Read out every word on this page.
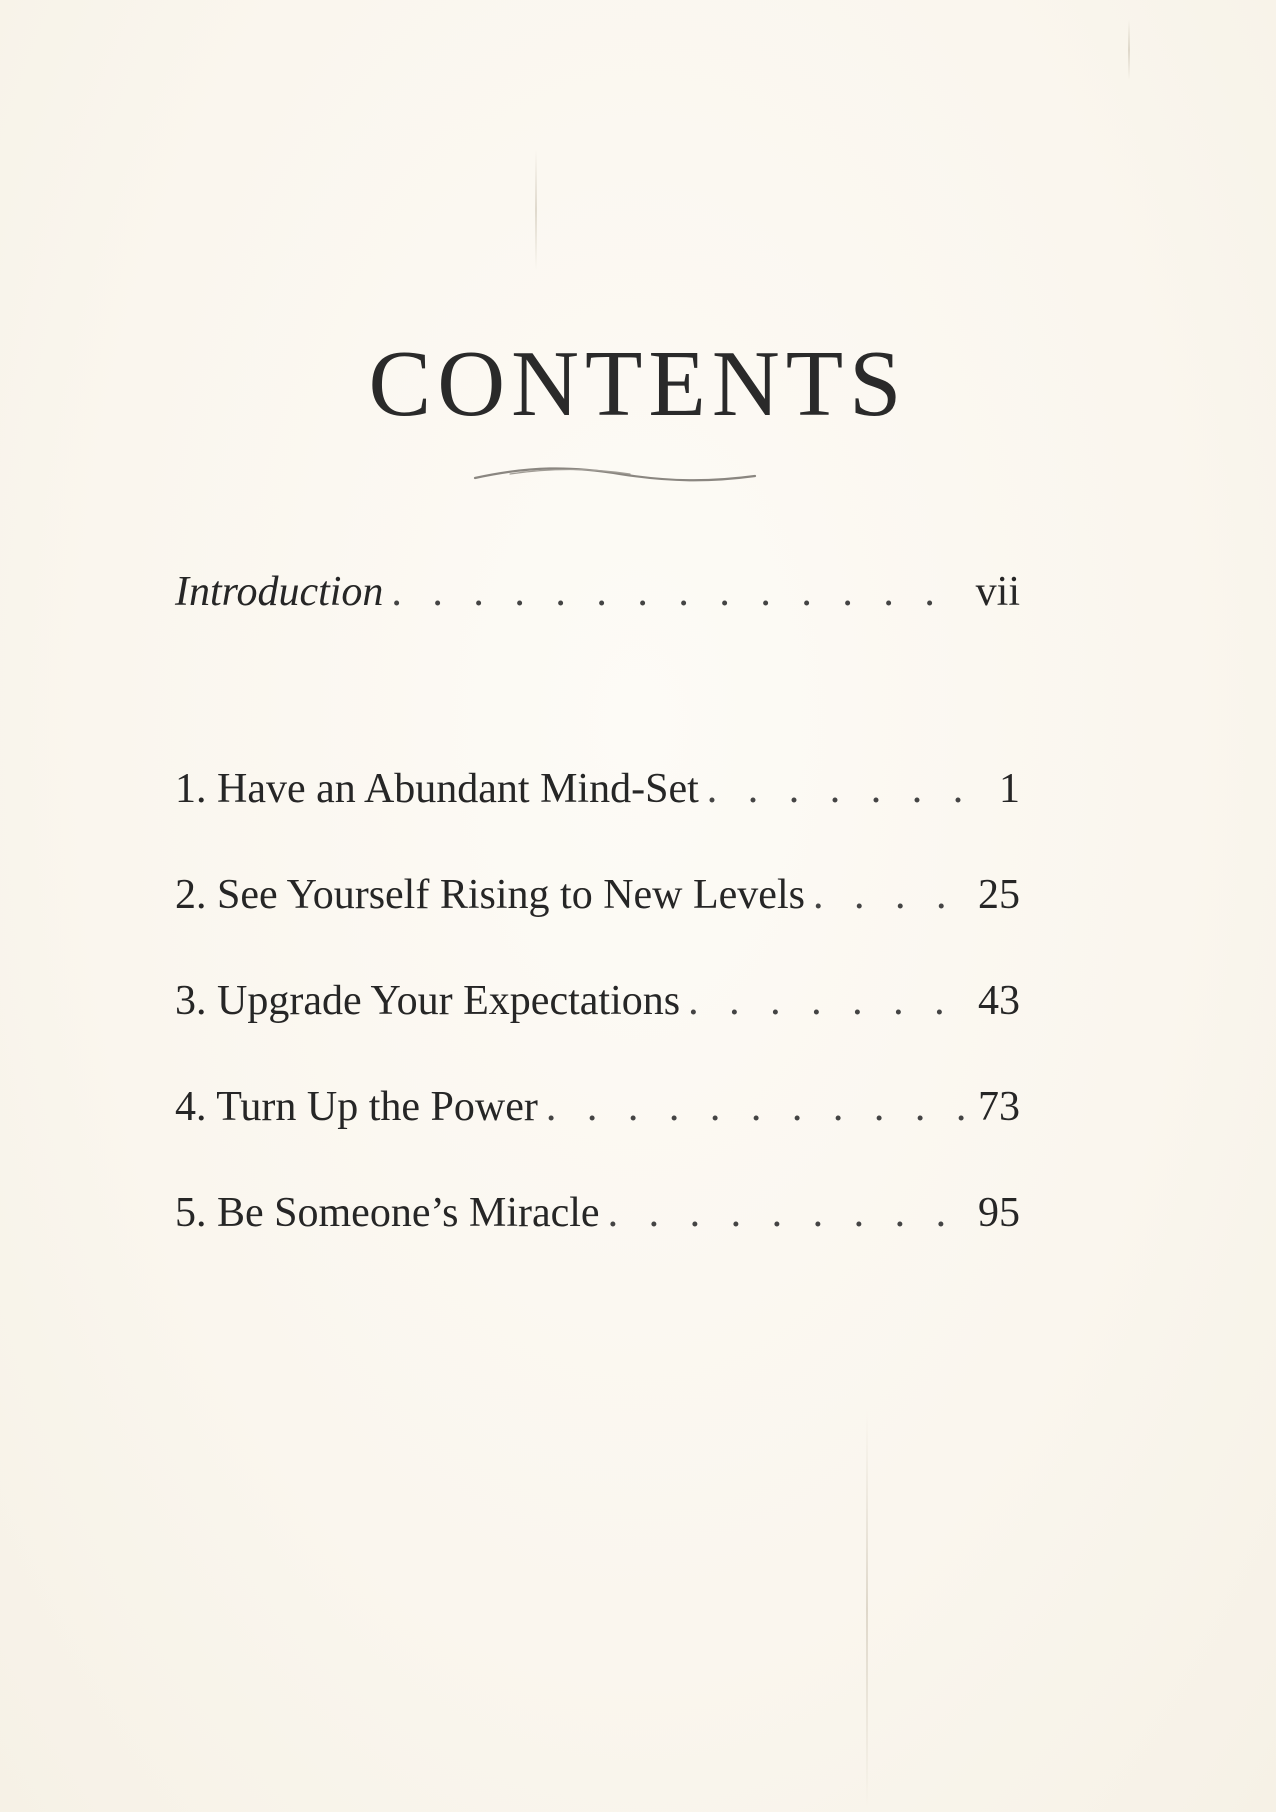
CONTENTS
Introduction . . .	vii
1. Have an Abundant Mind-Set . . .	1
2. See Yourself Rising to New Levels . . .	25
3. Upgrade Your Expectations . . .	43
4. Turn Up the Power . . .	73
5. Be Someone’s Miracle . . .	95
